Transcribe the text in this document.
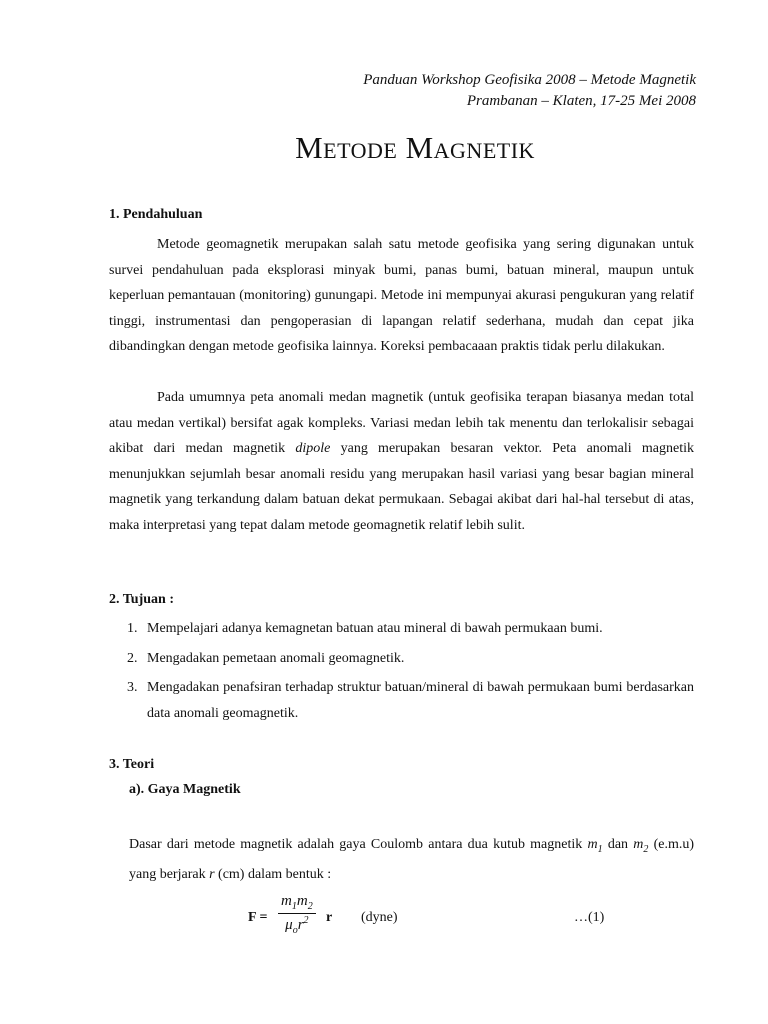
Panduan Workshop Geofisika 2008 – Metode Magnetik
Prambanan – Klaten, 17-25 Mei 2008
Metode Magnetik
1. Pendahuluan

Metode geomagnetik merupakan salah satu metode geofisika yang sering digunakan untuk survei pendahuluan pada eksplorasi minyak bumi, panas bumi, batuan mineral, maupun untuk keperluan pemantauan (monitoring) gunungapi. Metode ini mempunyai akurasi pengukuran yang relatif tinggi, instrumentasi dan pengoperasian di lapangan relatif sederhana, mudah dan cepat jika dibandingkan dengan metode geofisika lainnya. Koreksi pembacaaan praktis tidak perlu dilakukan.

Pada umumnya peta anomali medan magnetik (untuk geofisika terapan biasanya medan total atau medan vertikal) bersifat agak kompleks. Variasi medan lebih tak menentu dan terlokalisir sebagai akibat dari medan magnetik dipole yang merupakan besaran vektor. Peta anomali magnetik menunjukkan sejumlah besar anomali residu yang merupakan hasil variasi yang besar bagian mineral magnetik yang terkandung dalam batuan dekat permukaan. Sebagai akibat dari hal-hal tersebut di atas, maka interpretasi yang tepat dalam metode geomagnetik relatif lebih sulit.

2. Tujuan :
1. Mempelajari adanya kemagnetan batuan atau mineral di bawah permukaan bumi.
2. Mengadakan pemetaan anomali geomagnetik.
3. Mengadakan penafsiran terhadap struktur batuan/mineral di bawah permukaan bumi berdasarkan data anomali geomagnetik.
3. Teori
a). Gaya Magnetik

Dasar dari metode magnetik adalah gaya Coulomb antara dua kutub magnetik $m_1$ dan $m_2$ (e.m.u) yang berjarak r (cm) dalam bentuk :

F =
$m_1m_2$
$\mu_or^2$	r (dyne)	…(1)
